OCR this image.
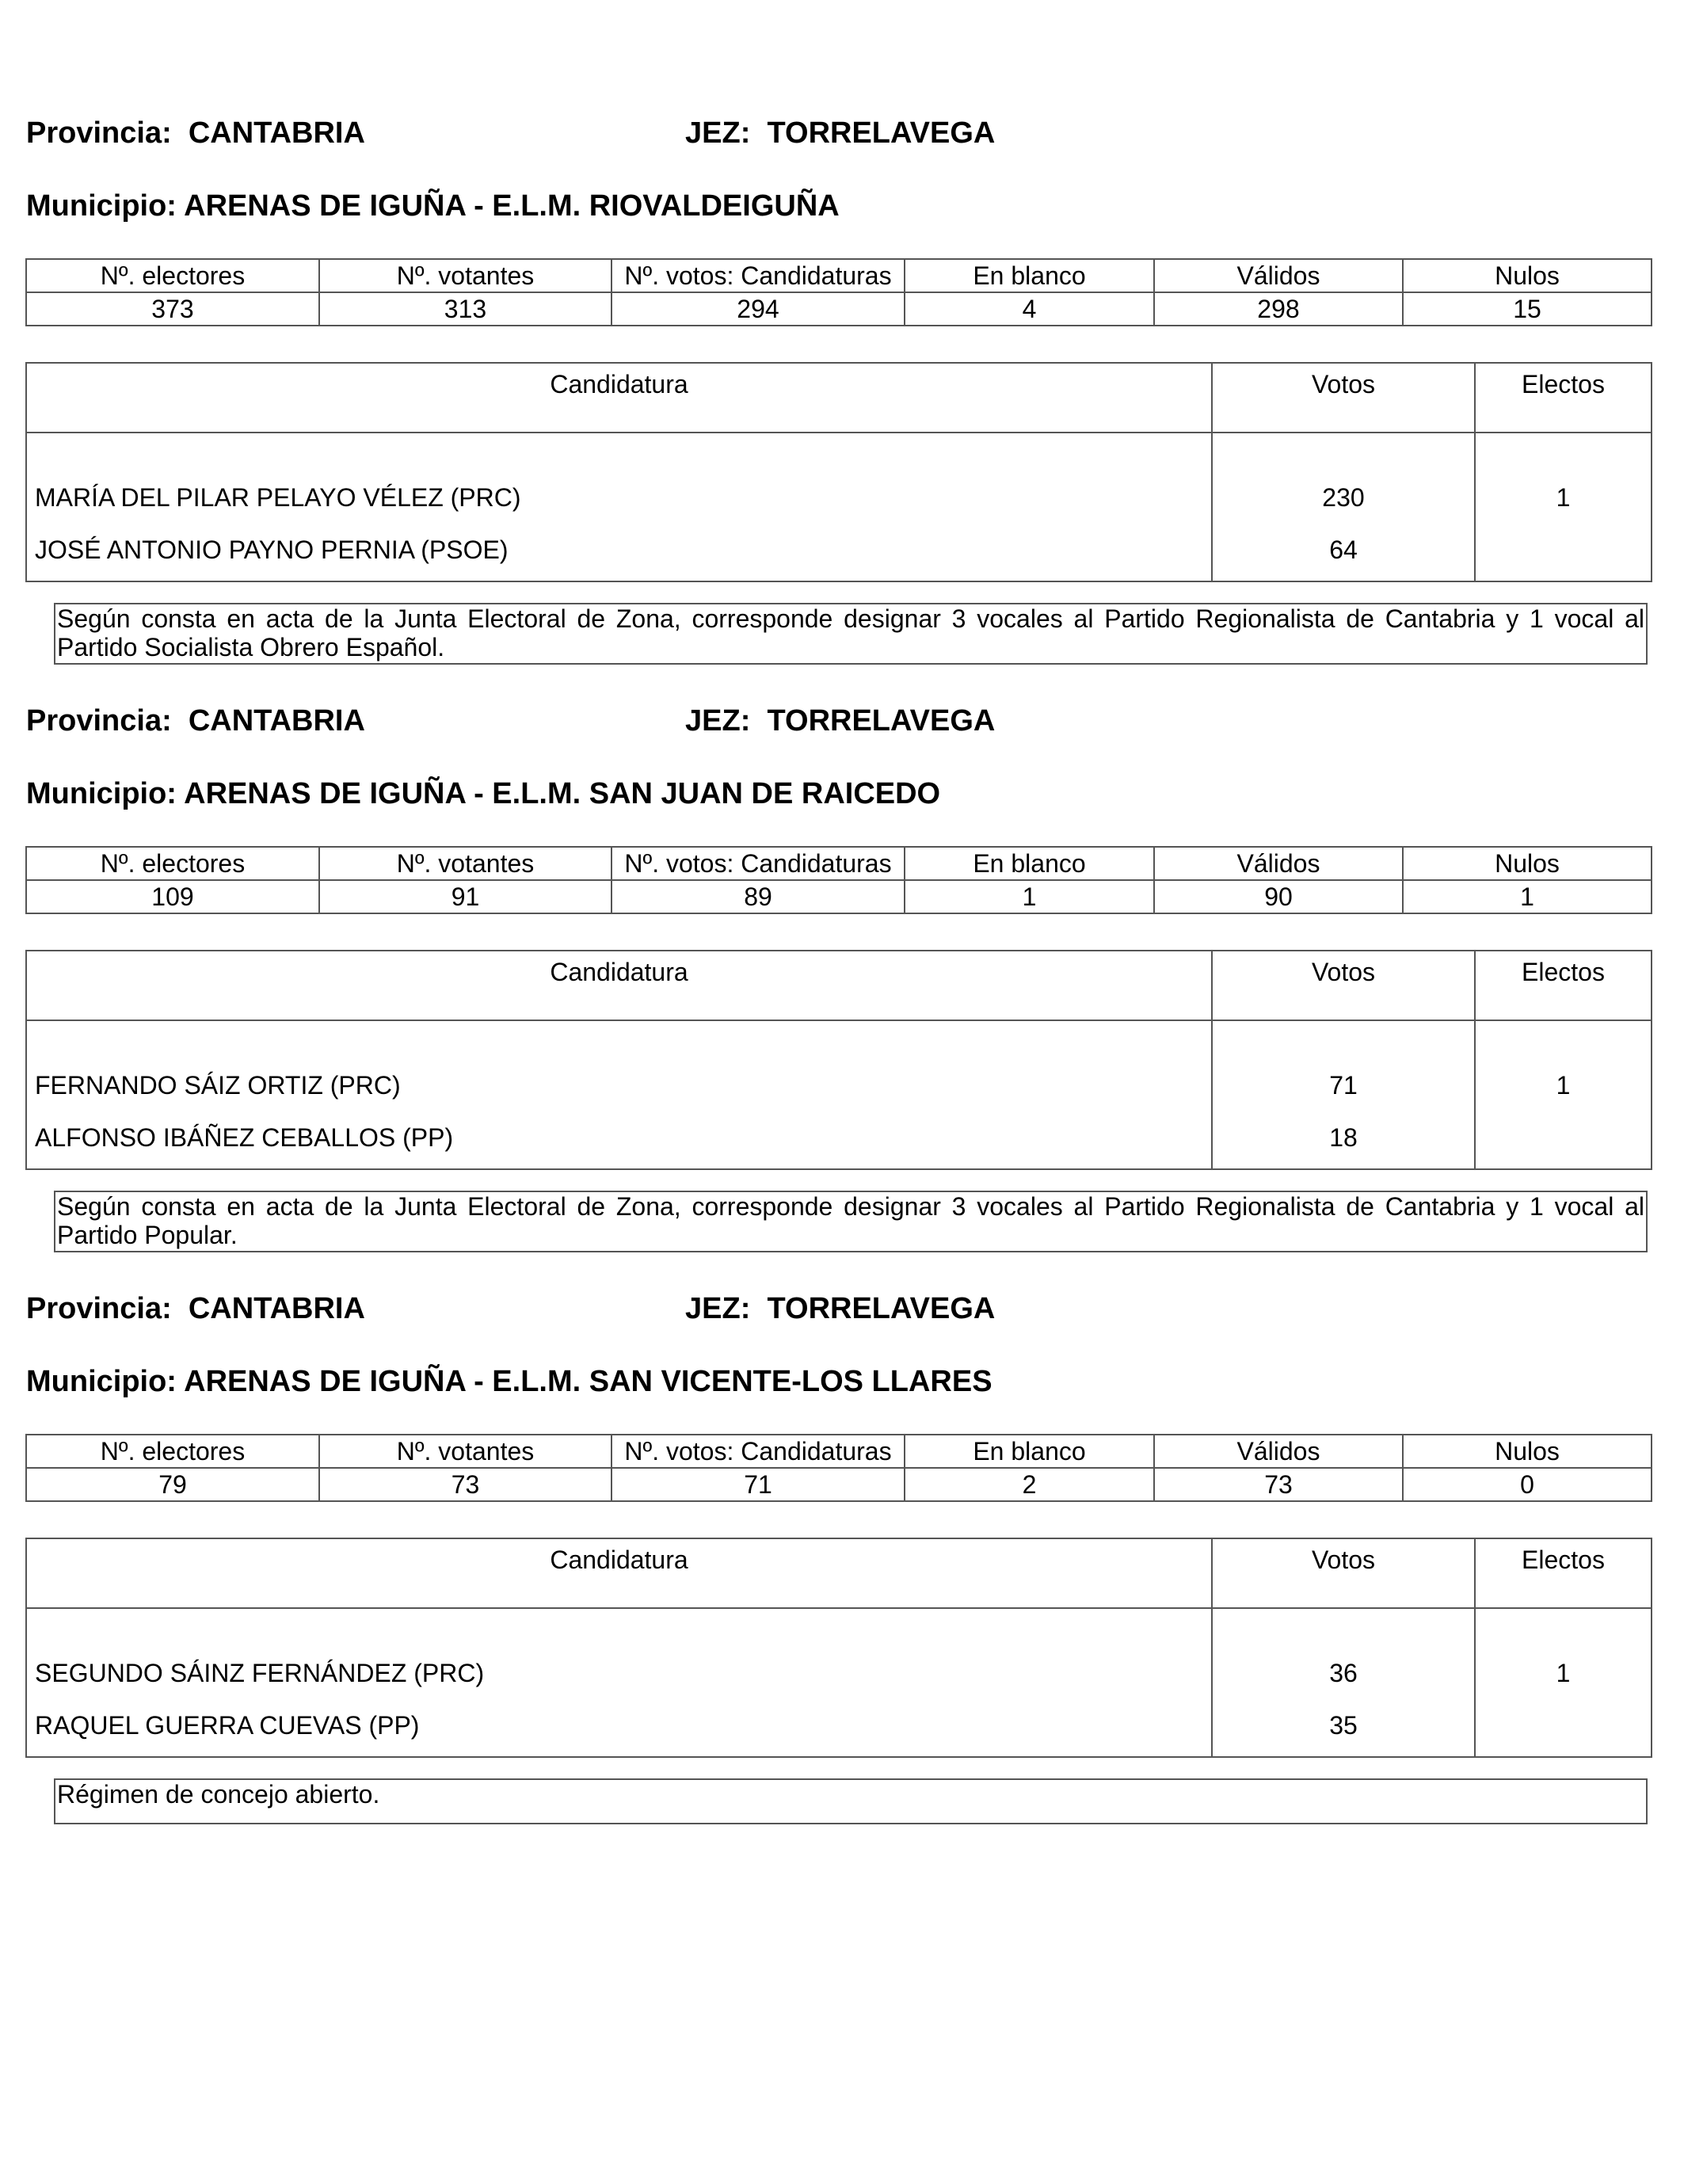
Provincia: CANTABRIA	JEZ: TORRELAVEGA
Municipio: ARENAS DE IGUÑA - E.L.M. RIOVALDEIGUÑA
Nº. electores	Nº. votantes	Nº. votos: Candidaturas	En blanco	Válidos	Nulos
373	313	294	4	298	15
Candidatura	Votos	Electos
MARÍA DEL PILAR PELAYO VÉLEZ (PRC)	230	1
JOSÉ ANTONIO PAYNO PERNIA (PSOE)	64	
Según consta en acta de la Junta Electoral de Zona, corresponde designar 3 vocales al Partido Regionalista de Cantabria y 1 vocal al Partido Socialista Obrero Español.
Provincia: CANTABRIA	JEZ: TORRELAVEGA
Municipio: ARENAS DE IGUÑA - E.L.M. SAN JUAN DE RAICEDO
Nº. electores	Nº. votantes	Nº. votos: Candidaturas	En blanco	Válidos	Nulos
109	91	89	1	90	1
Candidatura	Votos	Electos
FERNANDO SÁIZ ORTIZ (PRC)	71	1
ALFONSO IBÁÑEZ CEBALLOS (PP)	18	
Según consta en acta de la Junta Electoral de Zona, corresponde designar 3 vocales al Partido Regionalista de Cantabria y 1 vocal al Partido Popular.
Provincia: CANTABRIA	JEZ: TORRELAVEGA
Municipio: ARENAS DE IGUÑA - E.L.M. SAN VICENTE-LOS LLARES
Nº. electores	Nº. votantes	Nº. votos: Candidaturas	En blanco	Válidos	Nulos
79	73	71	2	73	0
Candidatura	Votos	Electos
SEGUNDO SÁINZ FERNÁNDEZ (PRC)	36	1
RAQUEL GUERRA CUEVAS (PP)	35	
Régimen de concejo abierto.
